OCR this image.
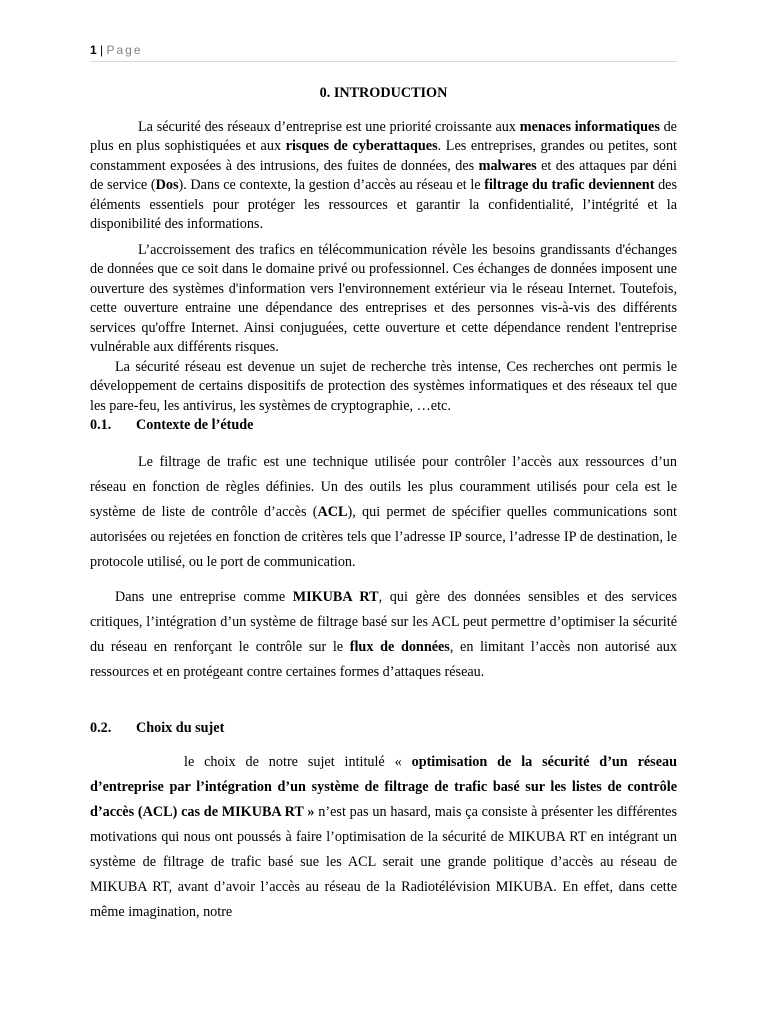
1 | Page
0. INTRODUCTION

La sécurité des réseaux d’entreprise est une priorité croissante aux menaces informatiques de plus en plus sophistiquées et aux risques de cyberattaques. Les entreprises, grandes ou petites, sont constamment exposées à des intrusions, des fuites de données, des malwares et des attaques par déni de service (Dos). Dans ce contexte, la gestion d’accès au réseau et le filtrage du trafic deviennent des éléments essentiels pour protéger les ressources et garantir la confidentialité, l’intégrité et la disponibilité des informations.

L’accroissement des trafics en télécommunication révèle les besoins grandissants d'échanges de données que ce soit dans le domaine privé ou professionnel. Ces échanges de données imposent une ouverture des systèmes d'information vers l'environnement extérieur via le réseau Internet. Toutefois, cette ouverture entraine une dépendance des entreprises et des personnes vis-à-vis des différents services qu'offre Internet. Ainsi conjuguées, cette ouverture et cette dépendance rendent l'entreprise vulnérable aux différents risques.

La sécurité réseau est devenue un sujet de recherche très intense, Ces recherches ont permis le développement de certains dispositifs de protection des systèmes informatiques et des réseaux tel que les pare-feu, les antivirus, les systèmes de cryptographie, …etc.

0.1. Contexte de l’étude

Le filtrage de trafic est une technique utilisée pour contrôler l’accès aux ressources d’un réseau en fonction de règles définies. Un des outils les plus couramment utilisés pour cela est le système de liste de contrôle d’accès (ACL), qui permet de spécifier quelles communications sont autorisées ou rejetées en fonction de critères tels que l’adresse IP source, l’adresse IP de destination, le protocole utilisé, ou le port de communication.

Dans une entreprise comme MIKUBA RT, qui gère des données sensibles et des services critiques, l’intégration d’un système de filtrage basé sur les ACL peut permettre d’optimiser la sécurité du réseau en renforçant le contrôle sur le flux de données, en limitant l’accès non autorisé aux ressources et en protégeant contre certaines formes d’attaques réseau.

0.2. Choix du sujet

le choix de notre sujet intitulé « optimisation de la sécurité d’un réseau d’entreprise par l’intégration d’un système de filtrage de trafic basé sur les listes de contrôle d’accès (ACL) cas de MIKUBA RT » n’est pas un hasard, mais ça consiste à présenter les différentes motivations qui nous ont poussés à faire l’optimisation de la sécurité de MIKUBA RT en intégrant un système de filtrage de trafic basé sue les ACL serait une grande politique d’accès au réseau de MIKUBA RT, avant d’avoir l’accès au réseau de la Radiotélévision MIKUBA. En effet, dans cette même imagination, notre
